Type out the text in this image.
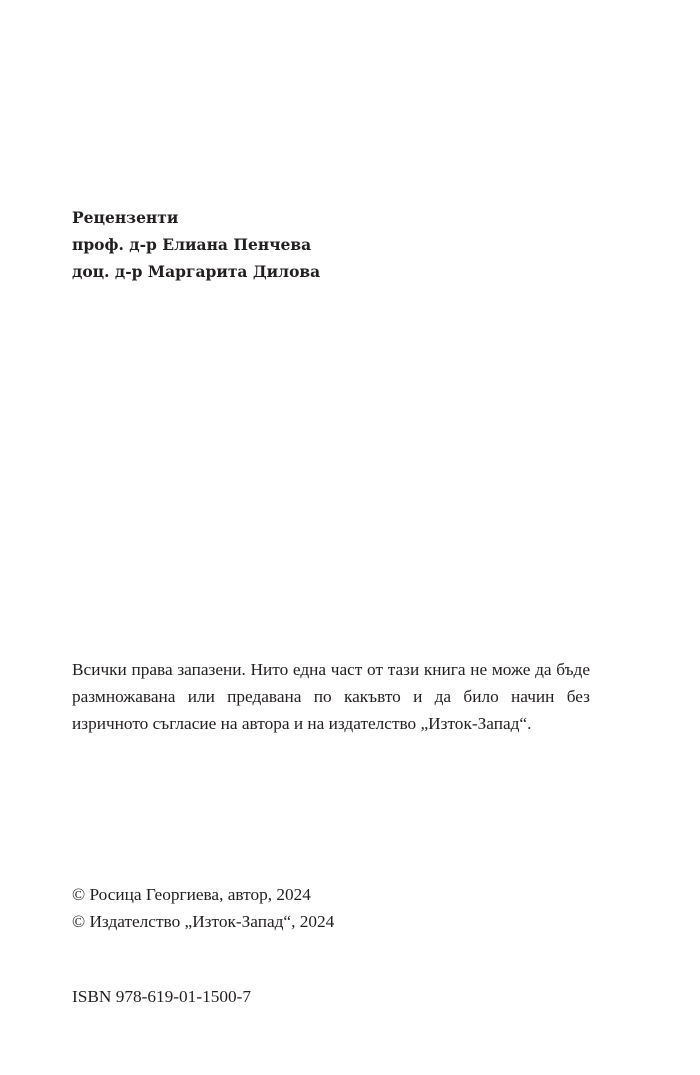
Рецензенти
проф. д-р Елиана Пенчева
доц. д-р Маргарита Дилова
Всички права запазени. Нито една част от тази книга не може да бъде размножавана или предавана по какъвто и да било начин без изричното съгласие на автора и на издателство „Изток-Запад“.
© Росица Георгиева, автор, 2024
© Издателство „Изток-Запад“, 2024
ISBN 978-619-01-1500-7
